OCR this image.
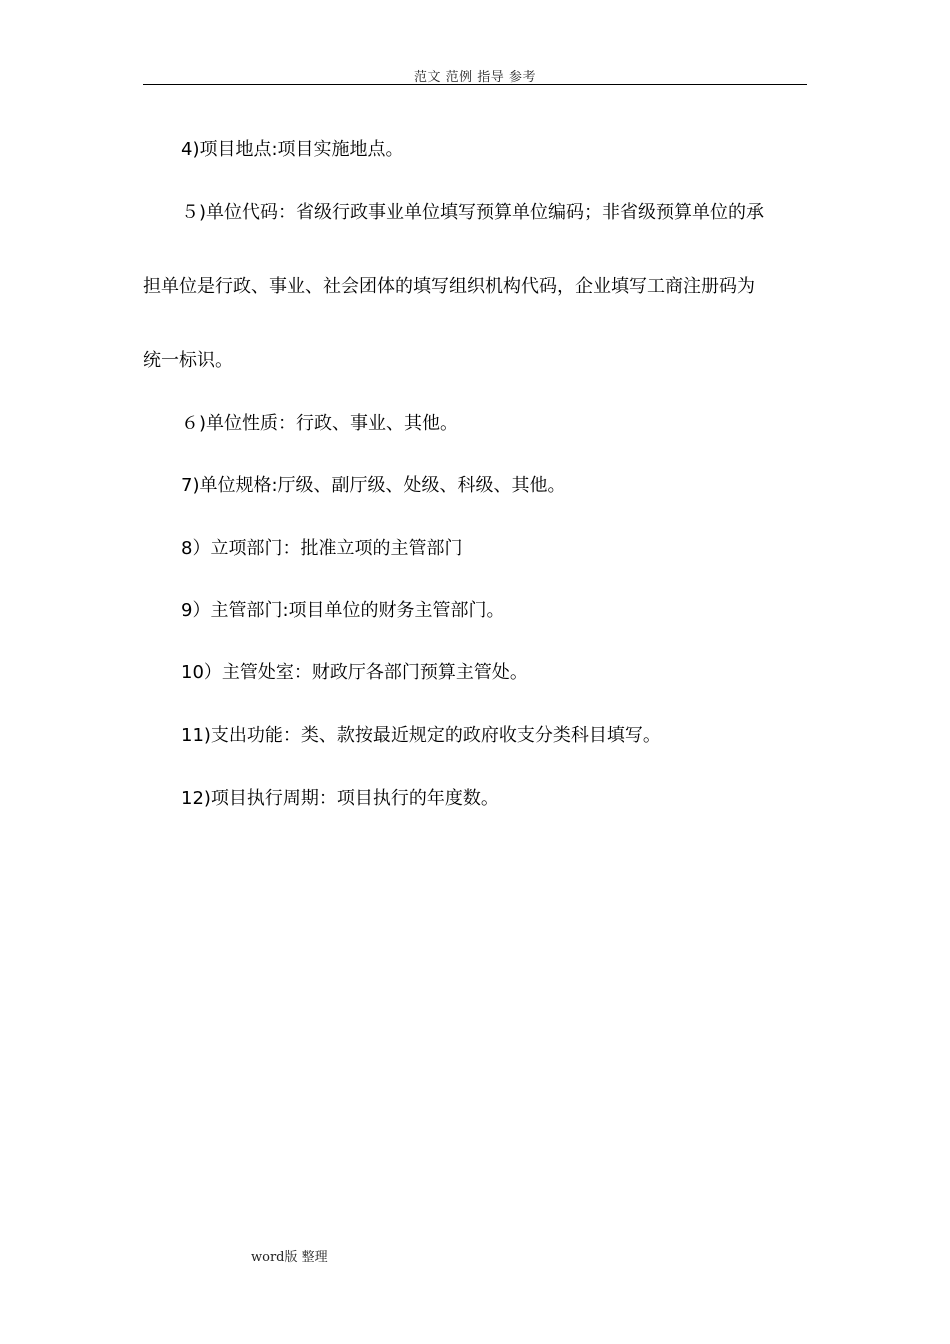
范文 范例 指导 参考
4)项目地点:项目实施地点。
５)单位代码：省级行政事业单位填写预算单位编码；非省级预算单位的承
担单位是行政、事业、社会团体的填写组织机构代码，企业填写工商注册码为
统一标识。
６)单位性质：行政、事业、其他。
7)单位规格:厅级、副厅级、处级、科级、其他。
8）立项部门：批准立项的主管部门
9）主管部门:项目单位的财务主管部门。
10）主管处室：财政厅各部门预算主管处。
11)支出功能：类、款按最近规定的政府收支分类科目填写。
12)项目执行周期：项目执行的年度数。
word版 整理
